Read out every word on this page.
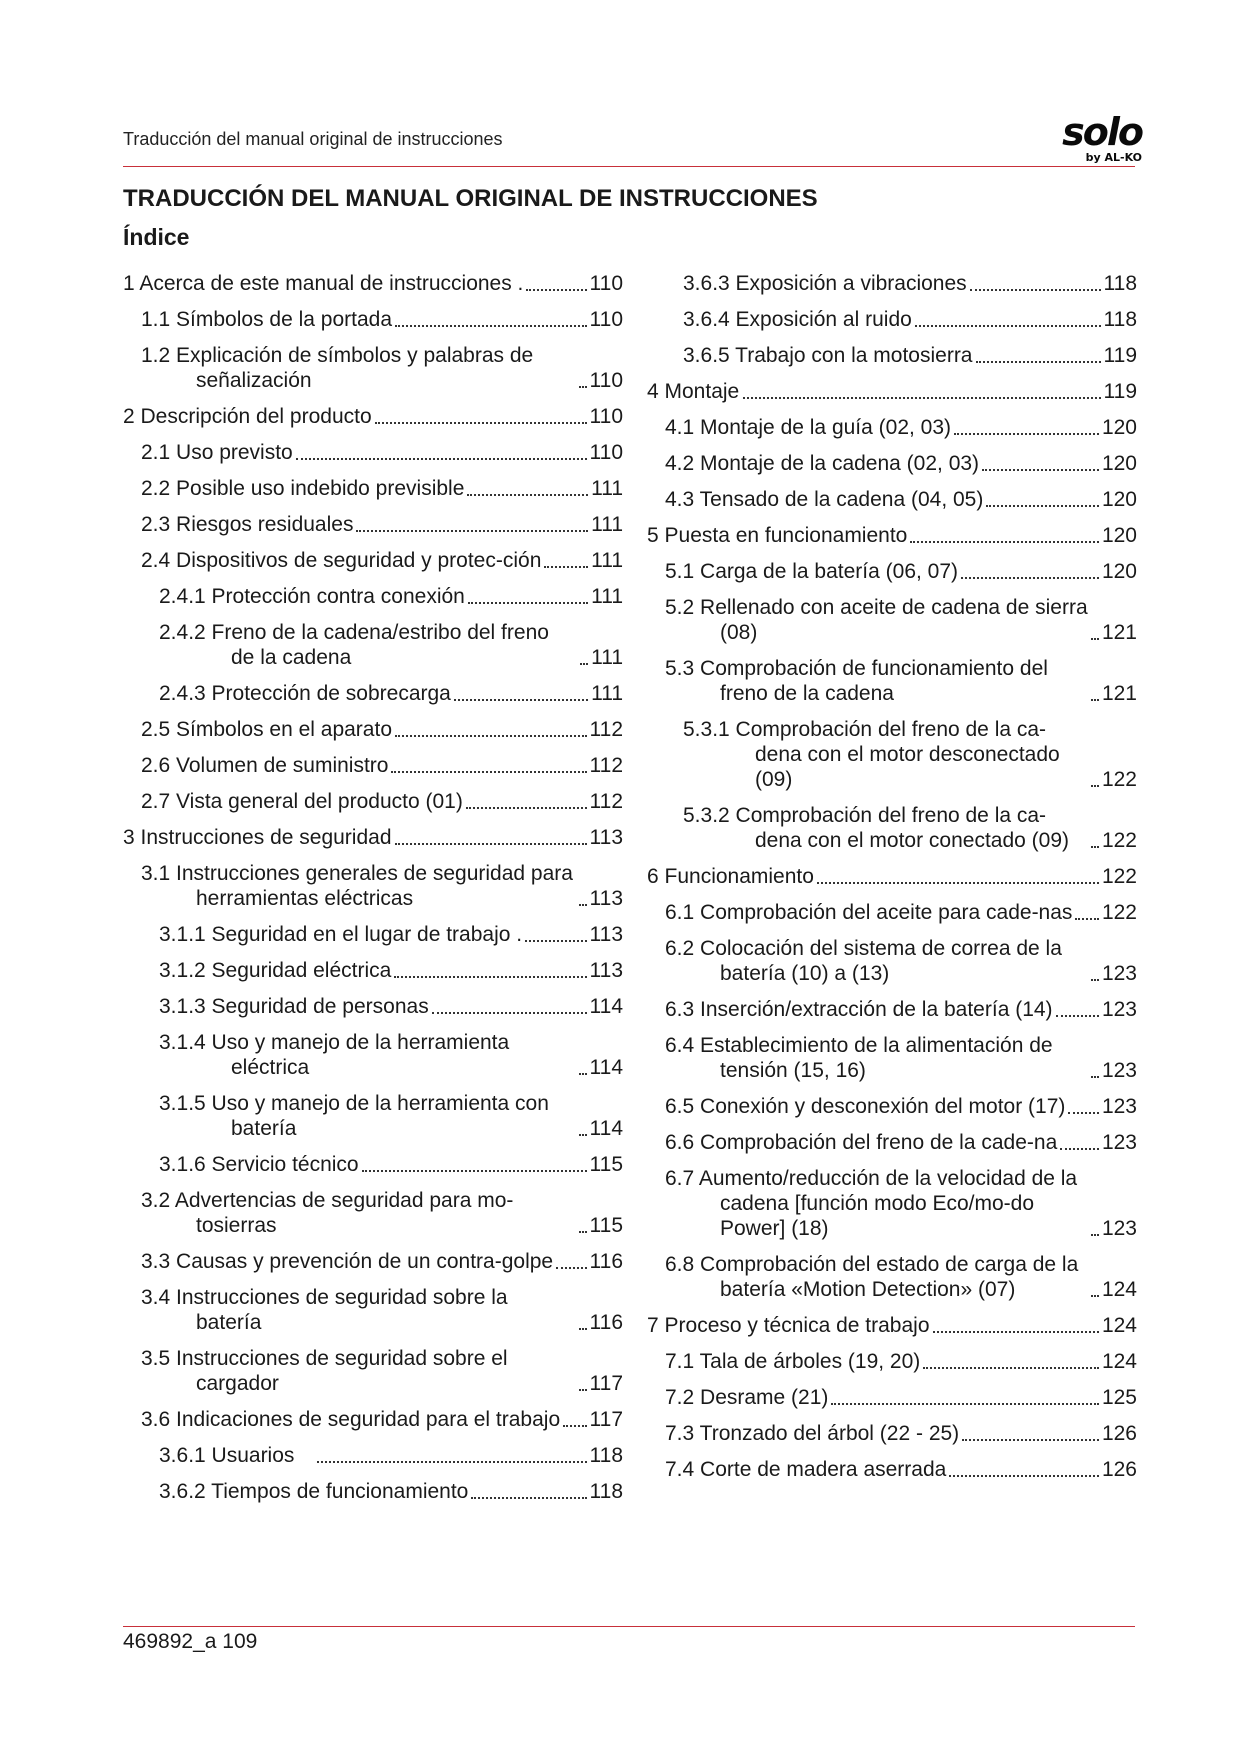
Traducción del manual original de instrucciones	solo
by AL-KO
TRADUCCIÓN DEL MANUAL ORIGINAL DE INSTRUCCIONES
Índice
1 Acerca de este manual de instrucciones .	110
1.1 Símbolos de la portada	110
1.2 Explicación de símbolos y palabras de señalización	110
2 Descripción del producto	110
2.1 Uso previsto	110
2.2 Posible uso indebido previsible	111
2.3 Riesgos residuales	111
2.4 Dispositivos de seguridad y protec-ción 111
2.4.1 Protección contra conexión	111
2.4.2 Freno de la cadena/estribo del freno de la cadena	111
2.4.3 Protección de sobrecarga	111
2.5 Símbolos en el aparato	112
2.6 Volumen de suministro	112
2.7 Vista general del producto (01)	112
3 Instrucciones de seguridad	113
3.1 Instrucciones generales de seguridad para herramientas eléctricas	113
3.1.1 Seguridad en el lugar de trabajo .	113
3.1.2 Seguridad eléctrica	113
3.1.3 Seguridad de personas	114
3.1.4 Uso y manejo de la herramienta eléctrica	114
3.1.5 Uso y manejo de la herramienta con batería	114
3.1.6 Servicio técnico	115
3.2 Advertencias de seguridad para mo-tosierras	115
3.3 Causas y prevención de un contra-golpe 116
3.4 Instrucciones de seguridad sobre la batería	116
3.5 Instrucciones de seguridad sobre el cargador	117
3.6 Indicaciones de seguridad para el trabajo 117
3.6.1 Usuarios	118
3.6.2 Tiempos de funcionamiento	118
3.6.3 Exposición a vibraciones	118
3.6.4 Exposición al ruido	118
3.6.5 Trabajo con la motosierra	119
4 Montaje	119
4.1 Montaje de la guía (02, 03)	120
4.2 Montaje de la cadena (02, 03)	120
4.3 Tensado de la cadena (04, 05)	120
5 Puesta en funcionamiento	120
5.1 Carga de la batería (06, 07)	120
5.2 Rellenado con aceite de cadena de sierra (08)	121
5.3 Comprobación de funcionamiento del freno de la cadena	121
5.3.1 Comprobación del freno de la ca-dena con el motor desconectado (09)	122
5.3.2 Comprobación del freno de la ca-dena con el motor conectado (09)	122
6 Funcionamiento	122
6.1 Comprobación del aceite para cade-nas 122
6.2 Colocación del sistema de correa de la batería (10) a (13)	123
6.3 Inserción/extracción de la batería (14) 123
6.4 Establecimiento de la alimentación de tensión (15, 16)	123
6.5 Conexión y desconexión del motor (17) 123
6.6 Comprobación del freno de la cade-na 123
6.7 Aumento/reducción de la velocidad de la cadena [función modo Eco/mo-do Power] (18)	123
6.8 Comprobación del estado de carga de la batería «Motion Detection» (07)	124
7 Proceso y técnica de trabajo	124
7.1 Tala de árboles (19, 20)	124
7.2 Desrame (21)	125
7.3 Tronzado del árbol (22 - 25)	126
7.4 Corte de madera aserrada	126
469892_a 109
